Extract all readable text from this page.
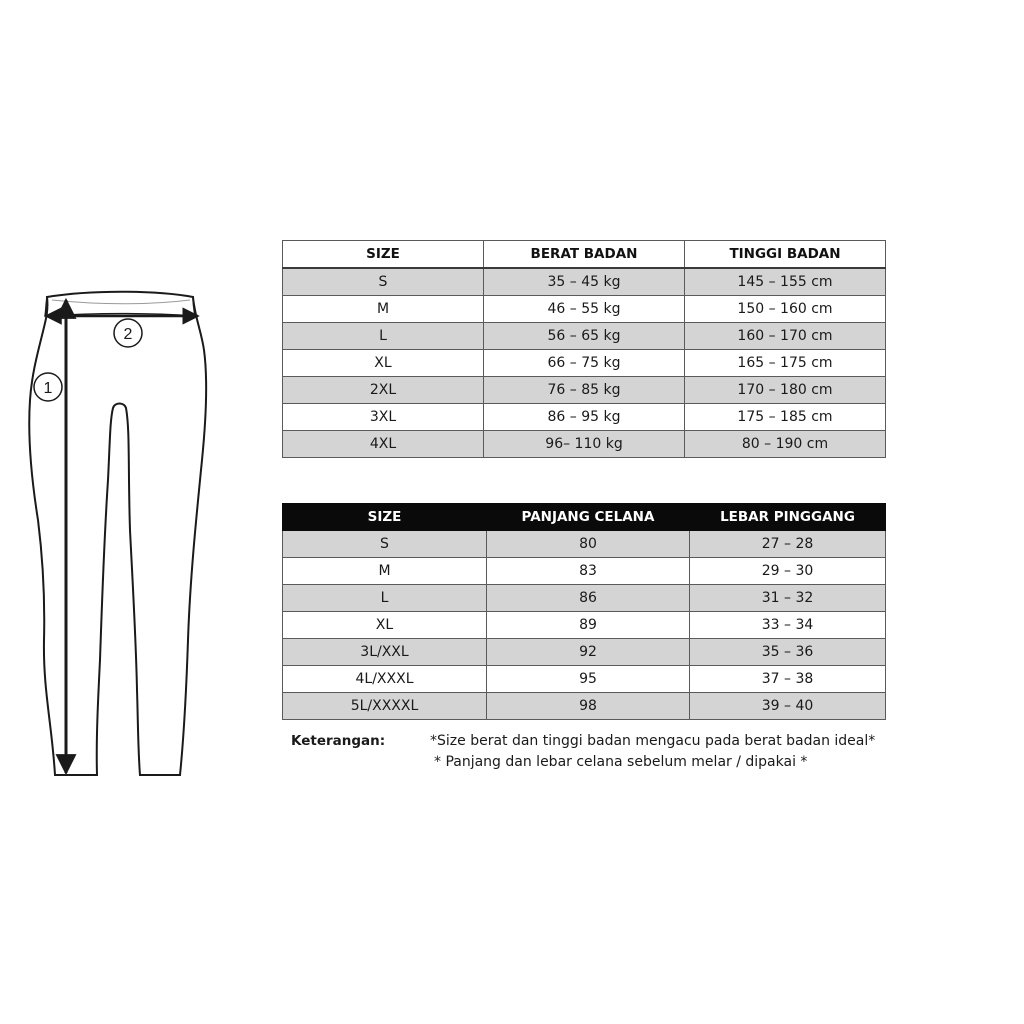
1
2
SIZE	BERAT BADAN	TINGGI BADAN
S	35 – 45 kg	145 – 155 cm
M	46 – 55 kg	150 – 160 cm
L	56 – 65 kg	160 – 170 cm
XL	66 – 75 kg	165 – 175 cm
2XL	76 – 85 kg	170 – 180 cm
3XL	86 – 95 kg	175 – 185 cm
4XL	96– 110 kg	80 – 190 cm
SIZE	PANJANG CELANA	LEBAR PINGGANG
S	80	27 – 28
M	83	29 – 30
L	86	31 – 32
XL	89	33 – 34
3L/XXL	92	35 – 36
4L/XXXL	95	37 – 38
5L/XXXXL	98	39 – 40
Keterangan:	*Size berat dan tinggi badan mengacu pada berat badan ideal*
* Panjang dan lebar celana sebelum melar / dipakai *
